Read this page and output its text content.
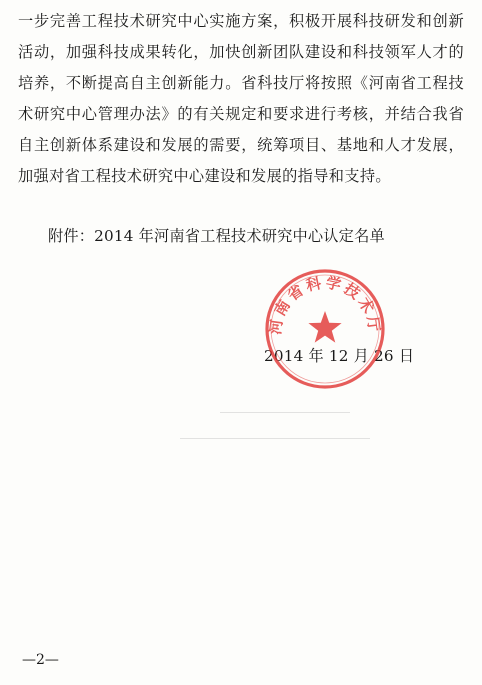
一步完善工程技术研究中心实施方案，积极开展科技研发和创新活动，加强科技成果转化，加快创新团队建设和科技领军人才的培养，不断提高自主创新能力。省科技厅将按照《河南省工程技术研究中心管理办法》的有关规定和要求进行考核，并结合我省自主创新体系建设和发展的需要，统筹项目、基地和人才发展，加强对省工程技术研究中心建设和发展的指导和支持。

附件：2014 年河南省工程技术研究中心认定名单
2014 年 12 月 26 日
河南省科学技术厅
—2—
